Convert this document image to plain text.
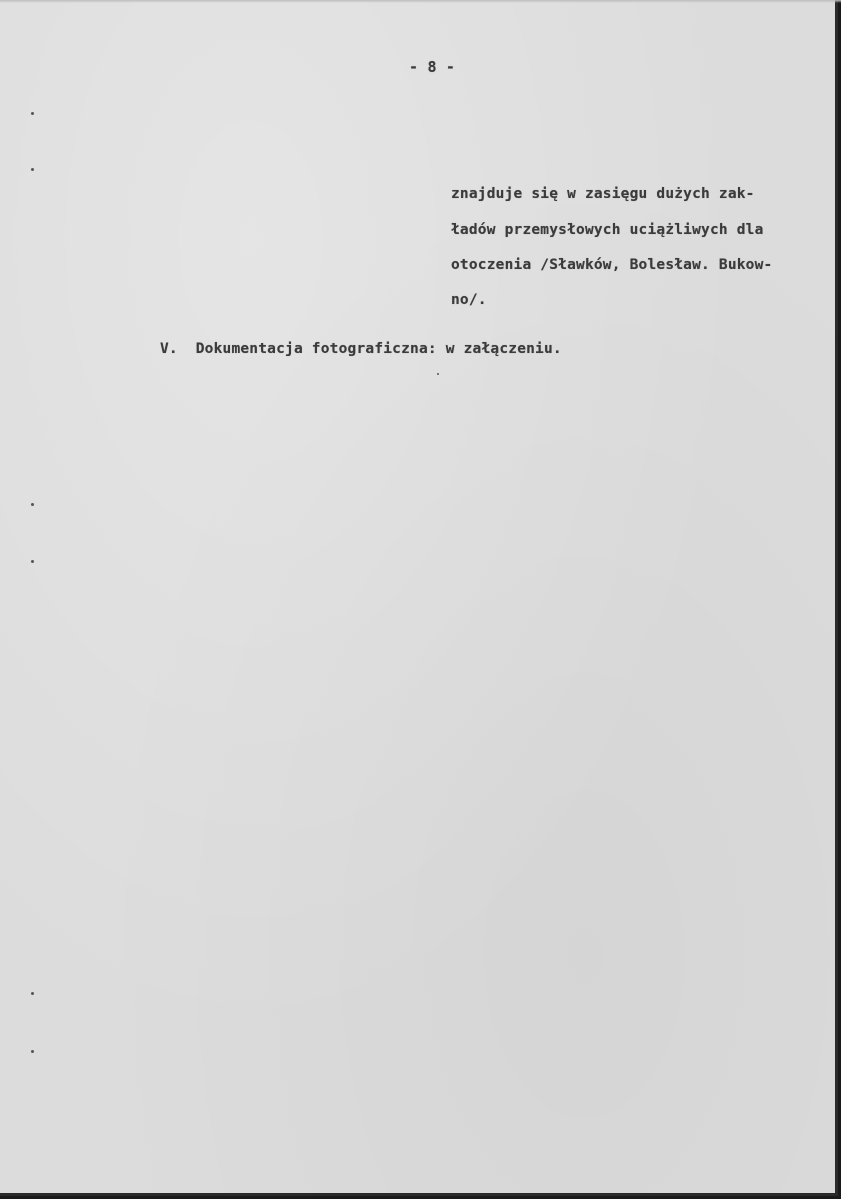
- 8 -
znajduje się w zasięgu dużych zak-
ładów przemysłowych uciążliwych dla
otoczenia /Sławków, Bolesław. Bukow-
no/.
V.  Dokumentacja fotograficzna: w załączeniu.
